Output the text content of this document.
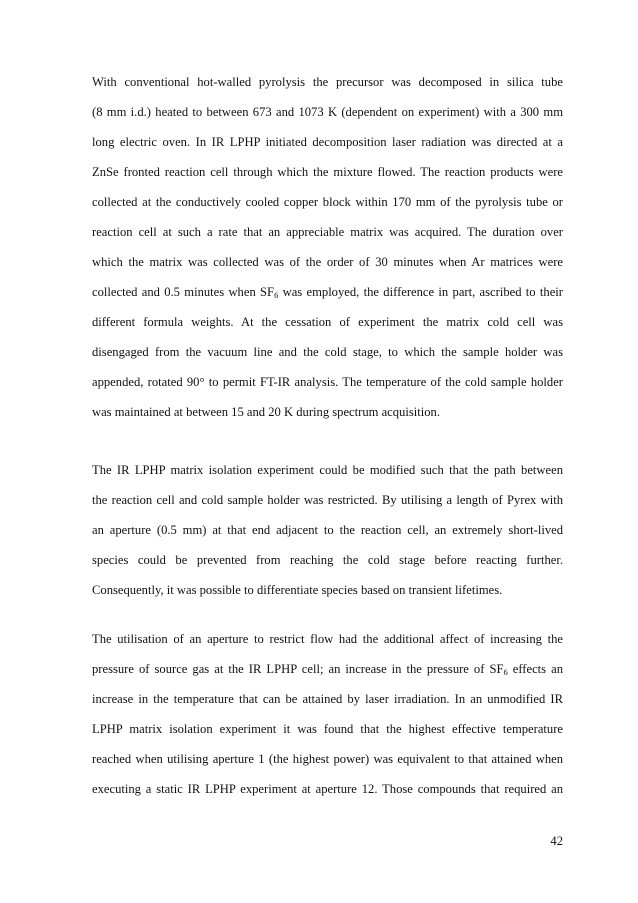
With conventional hot-walled pyrolysis the precursor was decomposed in silica tube
(8 mm i.d.) heated to between 673 and 1073 K (dependent on experiment) with a 300 mm
long electric oven. In IR LPHP initiated decomposition laser radiation was directed at a
ZnSe fronted reaction cell through which the mixture flowed. The reaction products were
collected at the conductively cooled copper block within 170 mm of the pyrolysis tube or
reaction cell at such a rate that an appreciable matrix was acquired. The duration over
which the matrix was collected was of the order of 30 minutes when Ar matrices were
collected and 0.5 minutes when $SF_6$ was employed, the difference in part, ascribed to their
different formula weights. At the cessation of experiment the matrix cold cell was
disengaged from the vacuum line and the cold stage, to which the sample holder was
appended, rotated 90° to permit FT-IR analysis. The temperature of the cold sample holder
was maintained at between 15 and 20 K during spectrum acquisition.
The IR LPHP matrix isolation experiment could be modified such that the path between
the reaction cell and cold sample holder was restricted. By utilising a length of Pyrex with
an aperture (0.5 mm) at that end adjacent to the reaction cell, an extremely short-lived
species could be prevented from reaching the cold stage before reacting further.
Consequently, it was possible to differentiate species based on transient lifetimes.
The utilisation of an aperture to restrict flow had the additional affect of increasing the
pressure of source gas at the IR LPHP cell; an increase in the pressure of $SF_6$ effects an
increase in the temperature that can be attained by laser irradiation. In an unmodified IR
LPHP matrix isolation experiment it was found that the highest effective temperature
reached when utilising aperture 1 (the highest power) was equivalent to that attained when
executing a static IR LPHP experiment at aperture 12. Those compounds that required an
42
